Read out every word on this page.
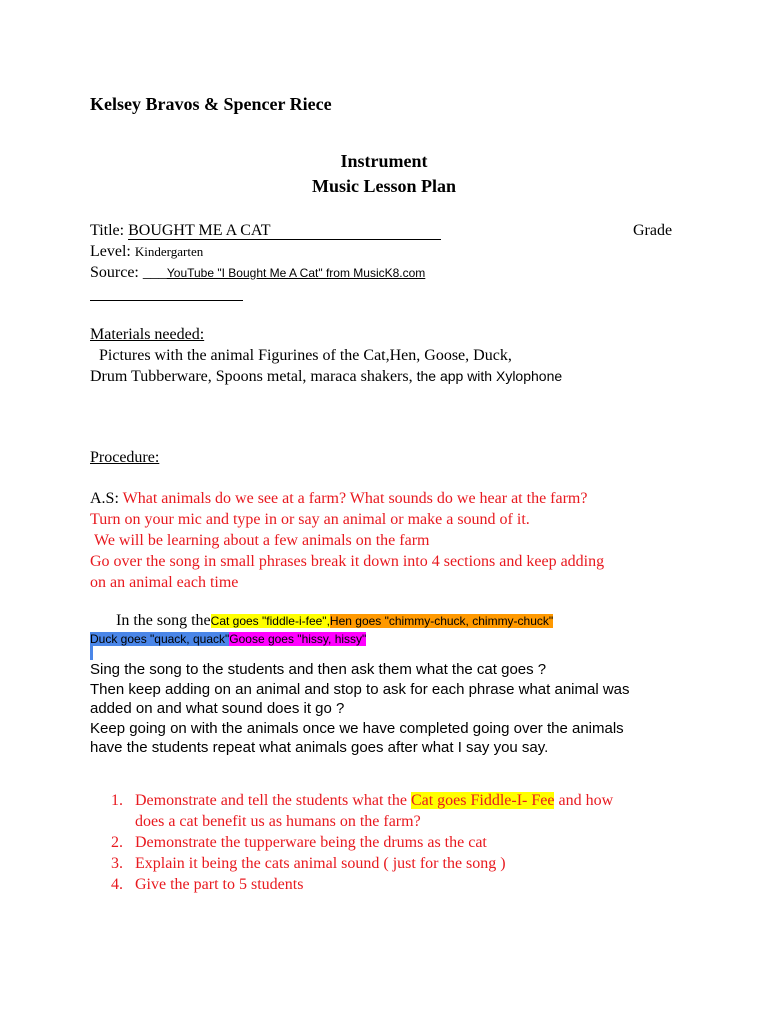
Kelsey Bravos & Spencer Riece
Instrument
Music Lesson Plan
Title: BOUGHT ME A CAT	Grade
Level: Kindergarten
Source: ___YouTube "I Bought Me A Cat" from MusicK8.com
Materials needed:
Pictures with the animal Figurines of the Cat,Hen, Goose, Duck,
Drum Tubberware, Spoons metal, maraca shakers, the app with Xylophone
Procedure:
A.S: What animals do we see at a farm? What sounds do we hear at the farm?
Turn on your mic and type in or say an animal or make a sound of it.
We will be learning about a few animals on the farm
Go over the song in small phrases break it down into 4 sections and keep adding
on an animal each time
In the song theCat goes "fiddle-i-fee",Hen goes "chimmy-chuck, chimmy-chuck"
Duck goes "quack, quack"Goose goes "hissy, hissy"
Sing the song to the students and then ask them what the cat goes ?
Then keep adding on an animal and stop to ask for each phrase what animal was
added on and what sound does it go ?
Keep going on with the animals once we have completed going over the animals
have the students repeat what animals goes after what I say you say.
1. Demonstrate and tell the students what the Cat goes Fiddle-I- Fee and how
does a cat benefit us as humans on the farm?
2. Demonstrate the tupperware being the drums as the cat
3. Explain it being the cats animal sound ( just for the song )
4. Give the part to 5 students
